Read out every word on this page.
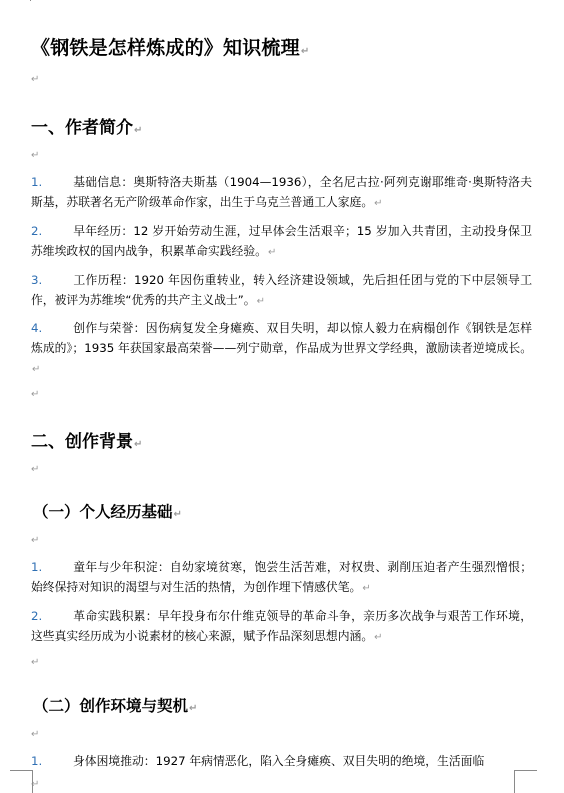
《钢铁是怎样炼成的》知识梳理↵
↵
一、作者简介↵
↵
1.	基础信息：奥斯特洛夫斯基（1904—1936），全名尼古拉·阿列克谢耶维奇·奥斯特洛夫斯基，苏联著名无产阶级革命作家，出生于乌克兰普通工人家庭。↵
2.	早年经历：12 岁开始劳动生涯，过早体会生活艰辛；15 岁加入共青团，主动投身保卫苏维埃政权的国内战争，积累革命实践经验。↵
3.	工作历程：1920 年因伤重转业，转入经济建设领域，先后担任团与党的下中层领导工作，被评为苏维埃“优秀的共产主义战士”。↵
4.	创作与荣誉：因伤病复发全身瘫痪、双目失明，却以惊人毅力在病榻创作《钢铁是怎样炼成的》；1935 年获国家最高荣誉——列宁勋章，作品成为世界文学经典，激励读者逆境成长。↵
↵
二、创作背景↵
↵
（一）个人经历基础↵
↵
1.	童年与少年积淀：自幼家境贫寒，饱尝生活苦难，对权贵、剥削压迫者产生强烈憎恨；始终保持对知识的渴望与对生活的热情，为创作埋下情感伏笔。↵
2.	革命实践积累：早年投身布尔什维克领导的革命斗争，亲历多次战争与艰苦工作环境，这些真实经历成为小说素材的核心来源，赋予作品深刻思想内涵。↵
↵
（二）创作环境与契机↵
↵
1.	身体困境推动：1927 年病情恶化，陷入全身瘫痪、双目失明的绝境，生活面临
↵
